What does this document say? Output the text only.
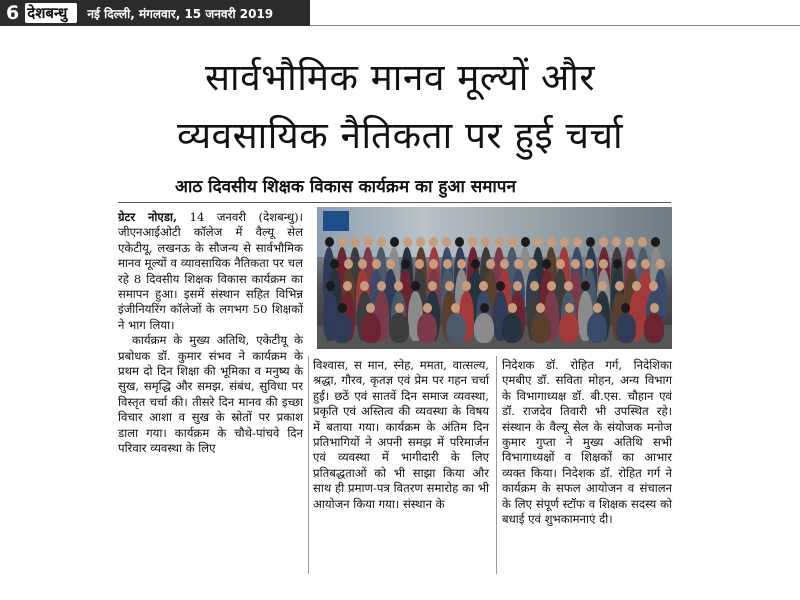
6 देशबन्धु	नई दिल्ली, मंगलवार, 15 जनवरी 2019
सार्वभौमिक मानव मूल्यों और
व्यवसायिक नैतिकता पर हुई चर्चा
आठ दिवसीय शिक्षक विकास कार्यक्रम का हुआ समापन

ग्रेटर नोएडा, 14 जनवरी (देशबन्धु)। जीएनआईओटी कॉलेज में वैल्यू सेल एकेटीयू, लखनऊ के सौजन्य से सार्वभौमिक मानव मूल्यों व व्यावसायिक नैतिकता पर चल रहे 8 दिवसीय शिक्षक विकास कार्यक्रम का समापन हुआ। इसमें संस्थान सहित विभिन्न इंजीनियरिंग कॉलेजों के लगभग 50 शिक्षकों ने भाग लिया।

कार्यक्रम के मुख्य अतिथि, एकेटीयू के प्रबोधक डॉ. कुमार संभव ने कार्यक्रम के प्रथम दो दिन शिक्षा की भूमिका व मनुष्य के सुख, समृद्धि और समझ, संबंध, सुविधा पर विस्तृत चर्चा की। तीसरे दिन मानव की इच्छा विचार आशा व सुख के स्रोतों पर प्रकाश डाला गया। कार्यक्रम के चौथे-पांचवे दिन परिवार व्यवस्था के लिए

विश्वास, स मान, स्नेह, ममता, वात्सल्य, श्रद्धा, गौरव, कृतज्ञ एवं प्रेम पर गहन चर्चा हुई। छठें एवं सातवें दिन समाज व्यवस्था, प्रकृति एवं अस्तित्व की व्यवस्था के विषय में बताया गया। कार्यक्रम के अंतिम दिन प्रतिभागियों ने अपनी समझ में परिमार्जन एवं व्यवस्था में भागीदारी के लिए प्रतिबद्धताओं को भी साझा किया और साथ ही प्रमाण-पत्र वितरण समारोह का भी आयोजन किया गया। संस्थान के

निदेशक डॉ. रोहित गर्ग, निदेशिका एमबीए डॉ. सविता मोहन, अन्य विभाग के विभागाध्यक्ष डॉ. बी.एस. चौहान एवं डॉ. राजदेव तिवारी भी उपस्थित रहे। संस्थान के वैल्यू सेल के संयोजक मनोज कुमार गुप्ता ने मुख्य अतिथि सभी विभागाध्यक्षों व शिक्षकों का आभार व्यक्त किया। निदेशक डॉ. रोहित गर्ग ने कार्यक्रम के सफल आयोजन व संचालन के लिए संपूर्ण स्टॉफ व शिक्षक सदस्य को बधाई एवं शुभकामनाएं दी।
